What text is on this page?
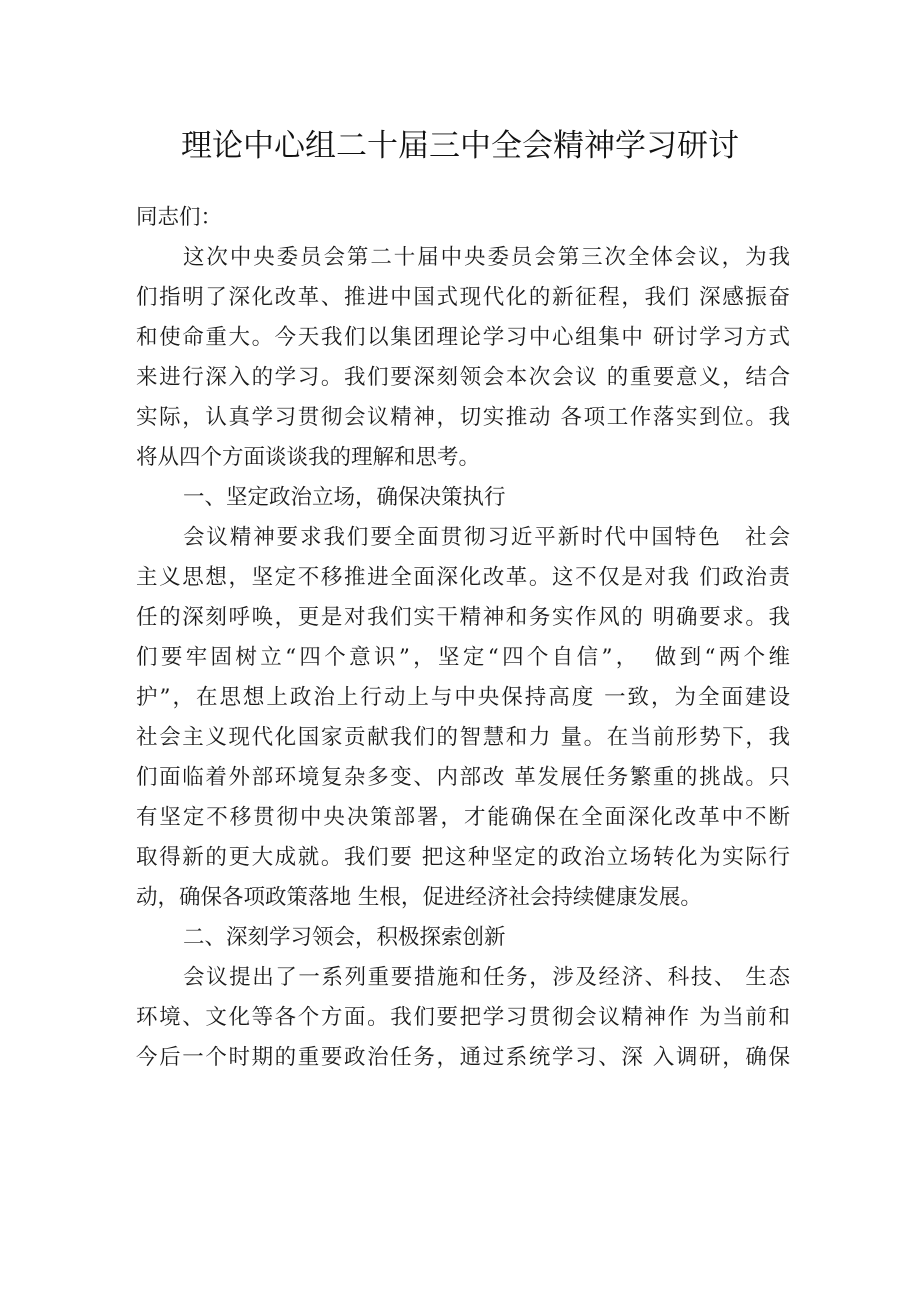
理论中心组二十届三中全会精神学习研讨
同志们：
这次中央委员会第二十届中央委员会第三次全体会议，为我
们指明了深化改革、推进中国式现代化的新征程，我们 深感振奋
和使命重大。今天我们以集团理论学习中心组集中 研讨学习方式
来进行深入的学习。我们要深刻领会本次会议 的重要意义，结合
实际，认真学习贯彻会议精神，切实推动 各项工作落实到位。我
将从四个方面谈谈我的理解和思考。
一、坚定政治立场，确保决策执行
会议精神要求我们要全面贯彻习近平新时代中国特色　社会
主义思想，坚定不移推进全面深化改革。这不仅是对我 们政治责
任的深刻呼唤，更是对我们实干精神和务实作风的 明确要求。我
们要牢固树立“四个意识”，坚定“四个自信”，　做到“两个维
护”，在思想上政治上行动上与中央保持高度 一致，为全面建设
社会主义现代化国家贡献我们的智慧和力 量。在当前形势下，我
们面临着外部环境复杂多变、内部改 革发展任务繁重的挑战。只
有坚定不移贯彻中央决策部署，才能确保在全面深化改革中不断
取得新的更大成就。我们要 把这种坚定的政治立场转化为实际行
动，确保各项政策落地 生根，促进经济社会持续健康发展。
二、深刻学习领会，积极探索创新
会议提出了一系列重要措施和任务，涉及经济、科技、 生态
环境、文化等各个方面。我们要把学习贯彻会议精神作 为当前和
今后一个时期的重要政治任务，通过系统学习、深 入调研，确保
